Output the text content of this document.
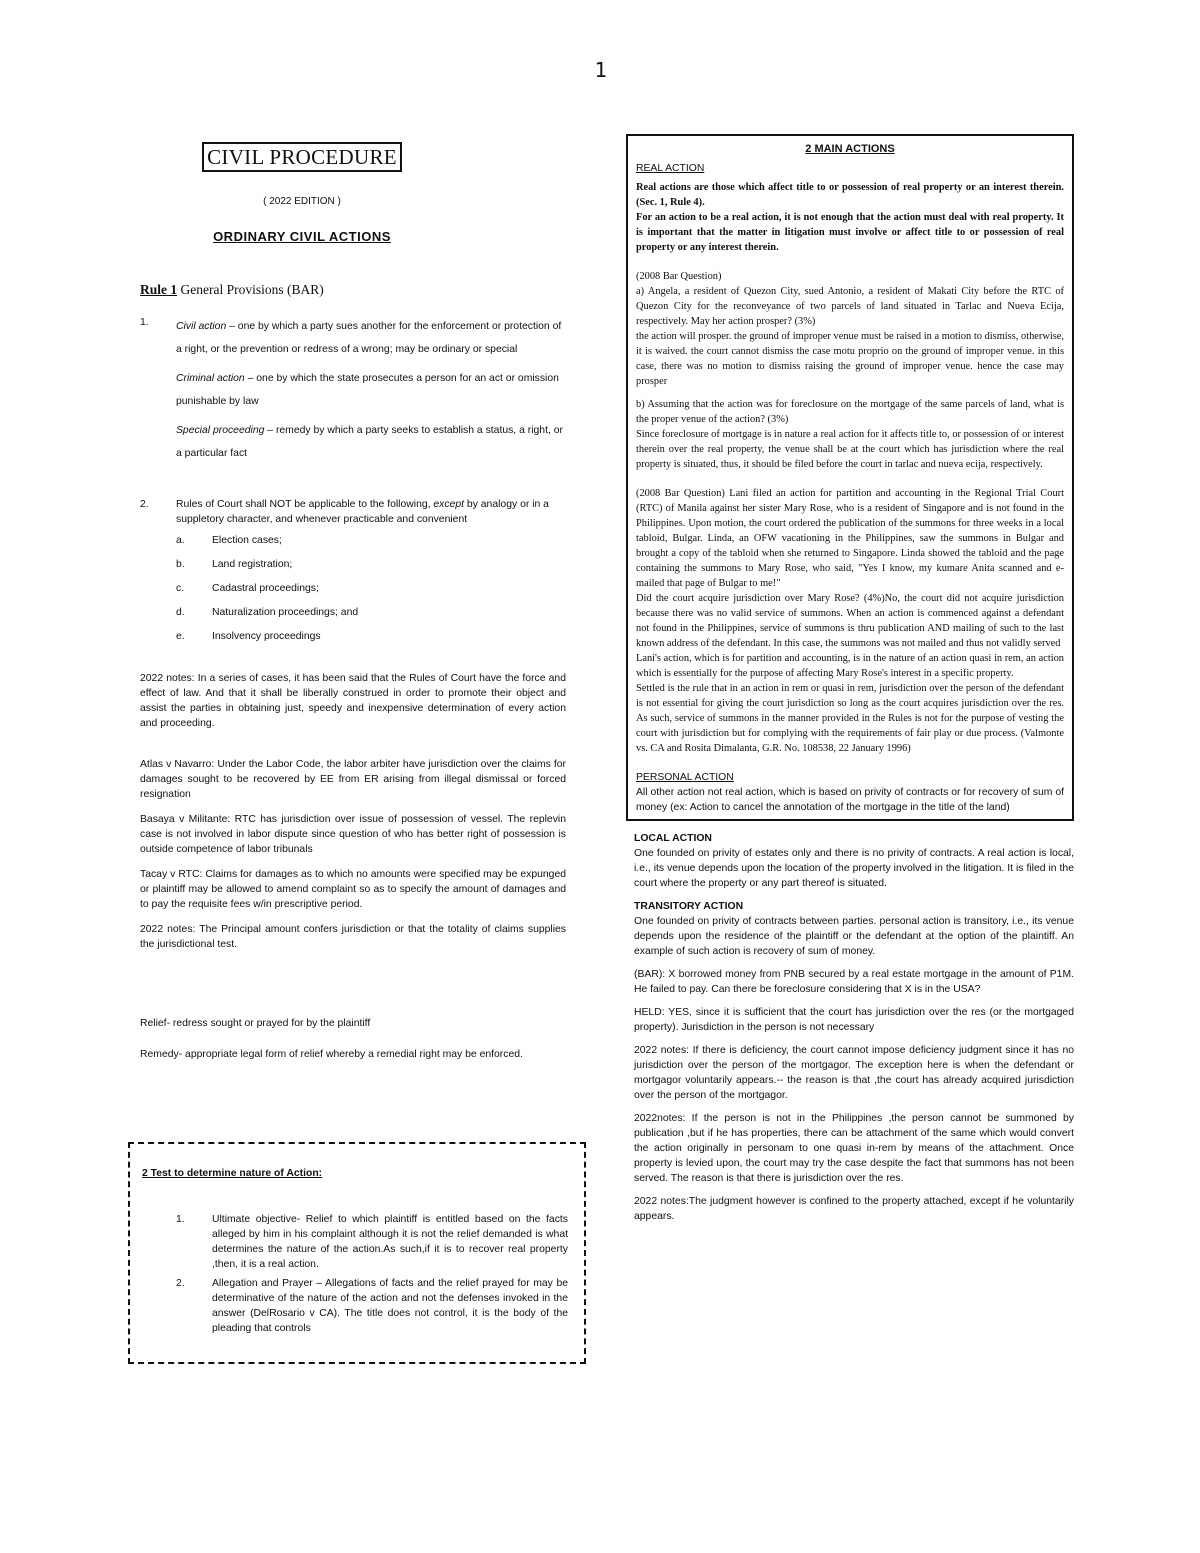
1
CIVIL PROCEDURE
( 2022 EDITION )
ORDINARY CIVIL ACTIONS
Rule 1 General Provisions (BAR)
1.	Civil action – one by which a party sues another for the enforcement or protection of a right, or the prevention or redress of a wrong; may be ordinary or special

Criminal action – one by which the state prosecutes a person for an act or omission punishable by law

Special proceeding – remedy by which a party seeks to establish a status, a right, or a particular fact

2.	Rules of Court shall NOT be applicable to the following, except by analogy or in a suppletory character, and whenever practicable and convenient
a.	Election cases;
b.	Land registration;
c.	Cadastral proceedings;
d.	Naturalization proceedings; and
e.	Insolvency proceedings

2022 notes: In a series of cases, it has been said that the Rules of Court have the force and effect of law. And that it shall be liberally construed in order to promote their object and assist the parties in obtaining just, speedy and inexpensive determination of every action and proceeding.

Atlas v Navarro: Under the Labor Code, the labor arbiter have jurisdiction over the claims for damages sought to be recovered by EE from ER arising from illegal dismissal or forced resignation

Basaya v Militante: RTC has jurisdiction over issue of possession of vessel. The replevin case is not involved in labor dispute since question of who has better right of possession is outside competence of labor tribunals

Tacay v RTC: Claims for damages as to which no amounts were specified may be expunged or plaintiff may be allowed to amend complaint so as to specify the amount of damages and to pay the requisite fees w/in prescriptive period.

2022 notes: The Principal amount confers jurisdiction or that the totality of claims supplies the jurisdictional test.

Relief- redress sought or prayed for by the plaintiff

Remedy- appropriate legal form of relief whereby a remedial right may be enforced.

2 Test to determine nature of Action:
1.	Ultimate objective- Relief to which plaintiff is entitled based on the facts alleged by him in his complaint although it is not the relief demanded is what determines the nature of the action.As such,if it is to recover real property ,then, it is a real action.
2.	Allegation and Prayer – Allegations of facts and the relief prayed for may be determinative of the nature of the action and not the defenses invoked in the answer (DelRosario v CA). The title does not control, it is the body of the pleading that controls
2 MAIN ACTIONS
REAL ACTION
Real actions are those which affect title to or possession of real property or an interest therein. (Sec. 1, Rule 4).
For an action to be a real action, it is not enough that the action must deal with real property. It is important that the matter in litigation must involve or affect title to or possession of real property or any interest therein.

(2008 Bar Question)

a) Angela, a resident of Quezon City, sued Antonio, a resident of Makati City before the RTC of Quezon City for the reconveyance of two parcels of land situated in Tarlac and Nueva Ecija, respectively. May her action prosper? (3%)

the action will prosper. the ground of improper venue must be raised in a motion to dismiss, otherwise, it is waived. the court cannot dismiss the case motu proprio on the ground of improper venue. in this case, there was no motion to dismiss raising the ground of improper venue. hence the case may prosper

b) Assuming that the action was for foreclosure on the mortgage of the same parcels of land, what is the proper venue of the action? (3%)

Since foreclosure of mortgage is in nature a real action for it affects title to, or possession of or interest therein over the real property, the venue shall be at the court which has jurisdiction where the real property is situated, thus, it should be filed before the court in tarlac and nueva ecija, respectively.

(2008 Bar Question) Lani filed an action for partition and accounting in the Regional Trial Court (RTC) of Manila against her sister Mary Rose, who is a resident of Singapore and is not found in the Philippines. Upon motion, the court ordered the publication of the summons for three weeks in a local tabloid, Bulgar. Linda, an OFW vacationing in the Philippines, saw the summons in Bulgar and brought a copy of the tabloid when she returned to Singapore. Linda showed the tabloid and the page containing the summons to Mary Rose, who said, "Yes I know, my kumare Anita scanned and e-mailed that page of Bulgar to me!"

Did the court acquire jurisdiction over Mary Rose? (4%)No, the court did not acquire jurisdiction because there was no valid service of summons. When an action is commenced against a defendant not found in the Philippines, service of summons is thru publication AND mailing of such to the last known address of the defendant. In this case, the summons was not mailed and thus not validly served

Lani's action, which is for partition and accounting, is in the nature of an action quasi in rem, an action which is essentially for the purpose of affecting Mary Rose's interest in a specific property.

Settled is the rule that in an action in rem or quasi in rem, jurisdiction over the person of the defendant is not essential for giving the court jurisdiction so long as the court acquires jurisdiction over the res. As such, service of summons in the manner provided in the Rules is not for the purpose of vesting the court with jurisdiction but for complying with the requirements of fair play or due process. (Valmonte vs. CA and Rosita Dimalanta, G.R. No. 108538, 22 January 1996)

PERSONAL ACTION
All other action not real action, which is based on privity of contracts or for recovery of sum of money (ex: Action to cancel the annotation of the mortgage in the title of the land)
LOCAL ACTION

One founded on privity of estates only and there is no privity of contracts. A real action is local, i.e., its venue depends upon the location of the property involved in the litigation. It is filed in the court where the property or any part thereof is situated.

TRANSITORY ACTION

One founded on privity of contracts between parties. personal action is transitory, i.e., its venue depends upon the residence of the plaintiff or the defendant at the option of the plaintiff. An example of such action is recovery of sum of money.

(BAR): X borrowed money from PNB secured by a real estate mortgage in the amount of P1M. He failed to pay. Can there be foreclosure considering that X is in the USA?

HELD: YES, since it is sufficient that the court has jurisdiction over the res (or the mortgaged property). Jurisdiction in the person is not necessary

2022 notes: If there is deficiency, the court cannot impose deficiency judgment since it has no jurisdiction over the person of the mortgagor. The exception here is when the defendant or mortgagor voluntarily appears.-- the reason is that ,the court has already acquired jurisdiction over the person of the mortgagor.

2022notes: If the person is not in the Philippines ,the person cannot be summoned by publication ,but if he has properties, there can be attachment of the same which would convert the action originally in personam to one quasi in-rem by means of the attachment. Once property is levied upon, the court may try the case despite the fact that summons has not been served. The reason is that there is jurisdiction over the res.

2022 notes:The judgment however is confined to the property attached, except if he voluntarily appears.
